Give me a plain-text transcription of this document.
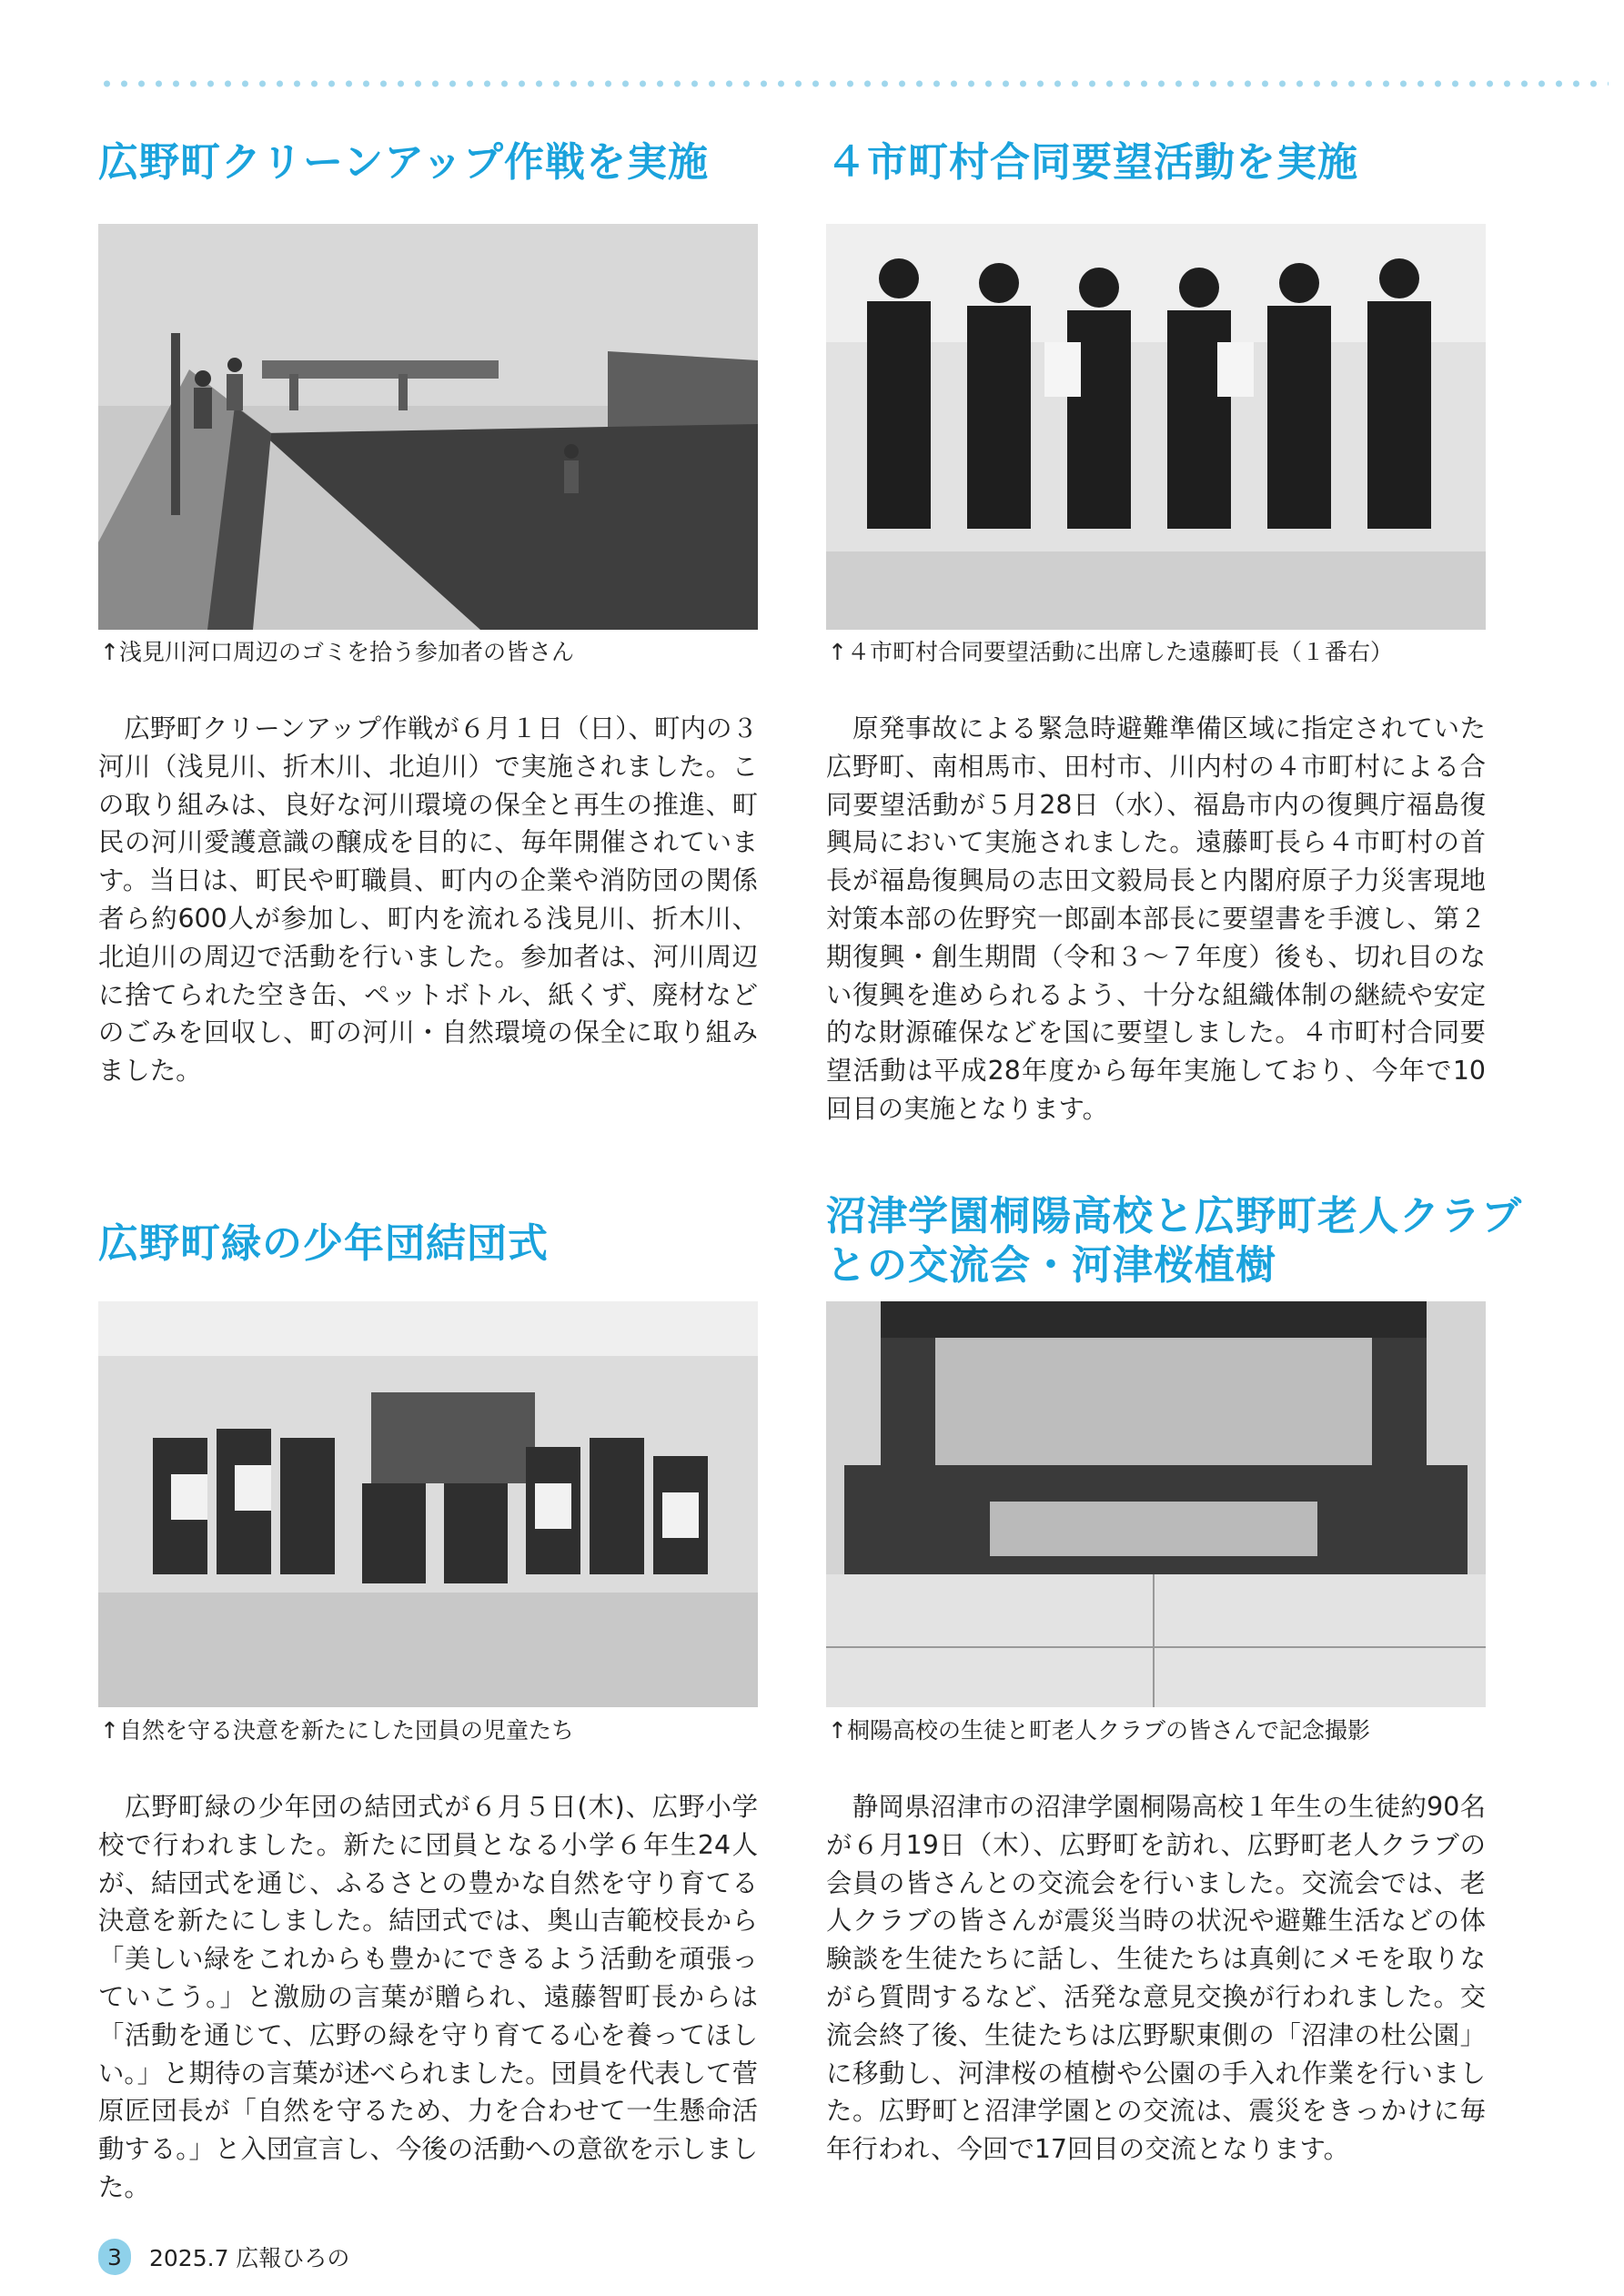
広野町クリーンアップ作戦を実施
↑浅見川河口周辺のゴミを拾う参加者の皆さん

　広野町クリーンアップ作戦が６月１日（日）、町内の３河川（浅見川、折木川、北迫川）で実施されました。この取り組みは、良好な河川環境の保全と再生の推進、町民の河川愛護意識の醸成を目的に、毎年開催されています。当日は、町民や町職員、町内の企業や消防団の関係者ら約600人が参加し、町内を流れる浅見川、折木川、北迫川の周辺で活動を行いました。参加者は、河川周辺に捨てられた空き缶、ペットボトル、紙くず、廃材などのごみを回収し、町の河川・自然環境の保全に取り組みました。

４市町村合同要望活動を実施
↑４市町村合同要望活動に出席した遠藤町長（１番右）

　原発事故による緊急時避難準備区域に指定されていた広野町、南相馬市、田村市、川内村の４市町村による合同要望活動が５月28日（水）、福島市内の復興庁福島復興局において実施されました。遠藤町長ら４市町村の首長が福島復興局の志田文毅局長と内閣府原子力災害現地対策本部の佐野究一郎副本部長に要望書を手渡し、第２期復興・創生期間（令和３～７年度）後も、切れ目のない復興を進められるよう、十分な組織体制の継続や安定的な財源確保などを国に要望しました。４市町村合同要望活動は平成28年度から毎年実施しており、今年で10回目の実施となります。

広野町緑の少年団結団式
↑自然を守る決意を新たにした団員の児童たち

　広野町緑の少年団の結団式が６月５日(木)、広野小学校で行われました。新たに団員となる小学６年生24人が、結団式を通じ、ふるさとの豊かな自然を守り育てる決意を新たにしました。結団式では、奥山吉範校長から「美しい緑をこれからも豊かにできるよう活動を頑張っていこう。」と激励の言葉が贈られ、遠藤智町長からは「活動を通じて、広野の緑を守り育てる心を養ってほしい。」と期待の言葉が述べられました。団員を代表して菅原匠団長が「自然を守るため、力を合わせて一生懸命活動する。」と入団宣言し、今後の活動への意欲を示しました。

沼津学園桐陽高校と広野町老人クラブ
との交流会・河津桜植樹
↑桐陽高校の生徒と町老人クラブの皆さんで記念撮影

　静岡県沼津市の沼津学園桐陽高校１年生の生徒約90名が６月19日（木）、広野町を訪れ、広野町老人クラブの会員の皆さんとの交流会を行いました。交流会では、老人クラブの皆さんが震災当時の状況や避難生活などの体験談を生徒たちに話し、生徒たちは真剣にメモを取りながら質問するなど、活発な意見交換が行われました。交流会終了後、生徒たちは広野駅東側の「沼津の杜公園」に移動し、河津桜の植樹や公園の手入れ作業を行いました。広野町と沼津学園との交流は、震災をきっかけに毎年行われ、今回で17回目の交流となります。

3	2025.7 広報ひろの
